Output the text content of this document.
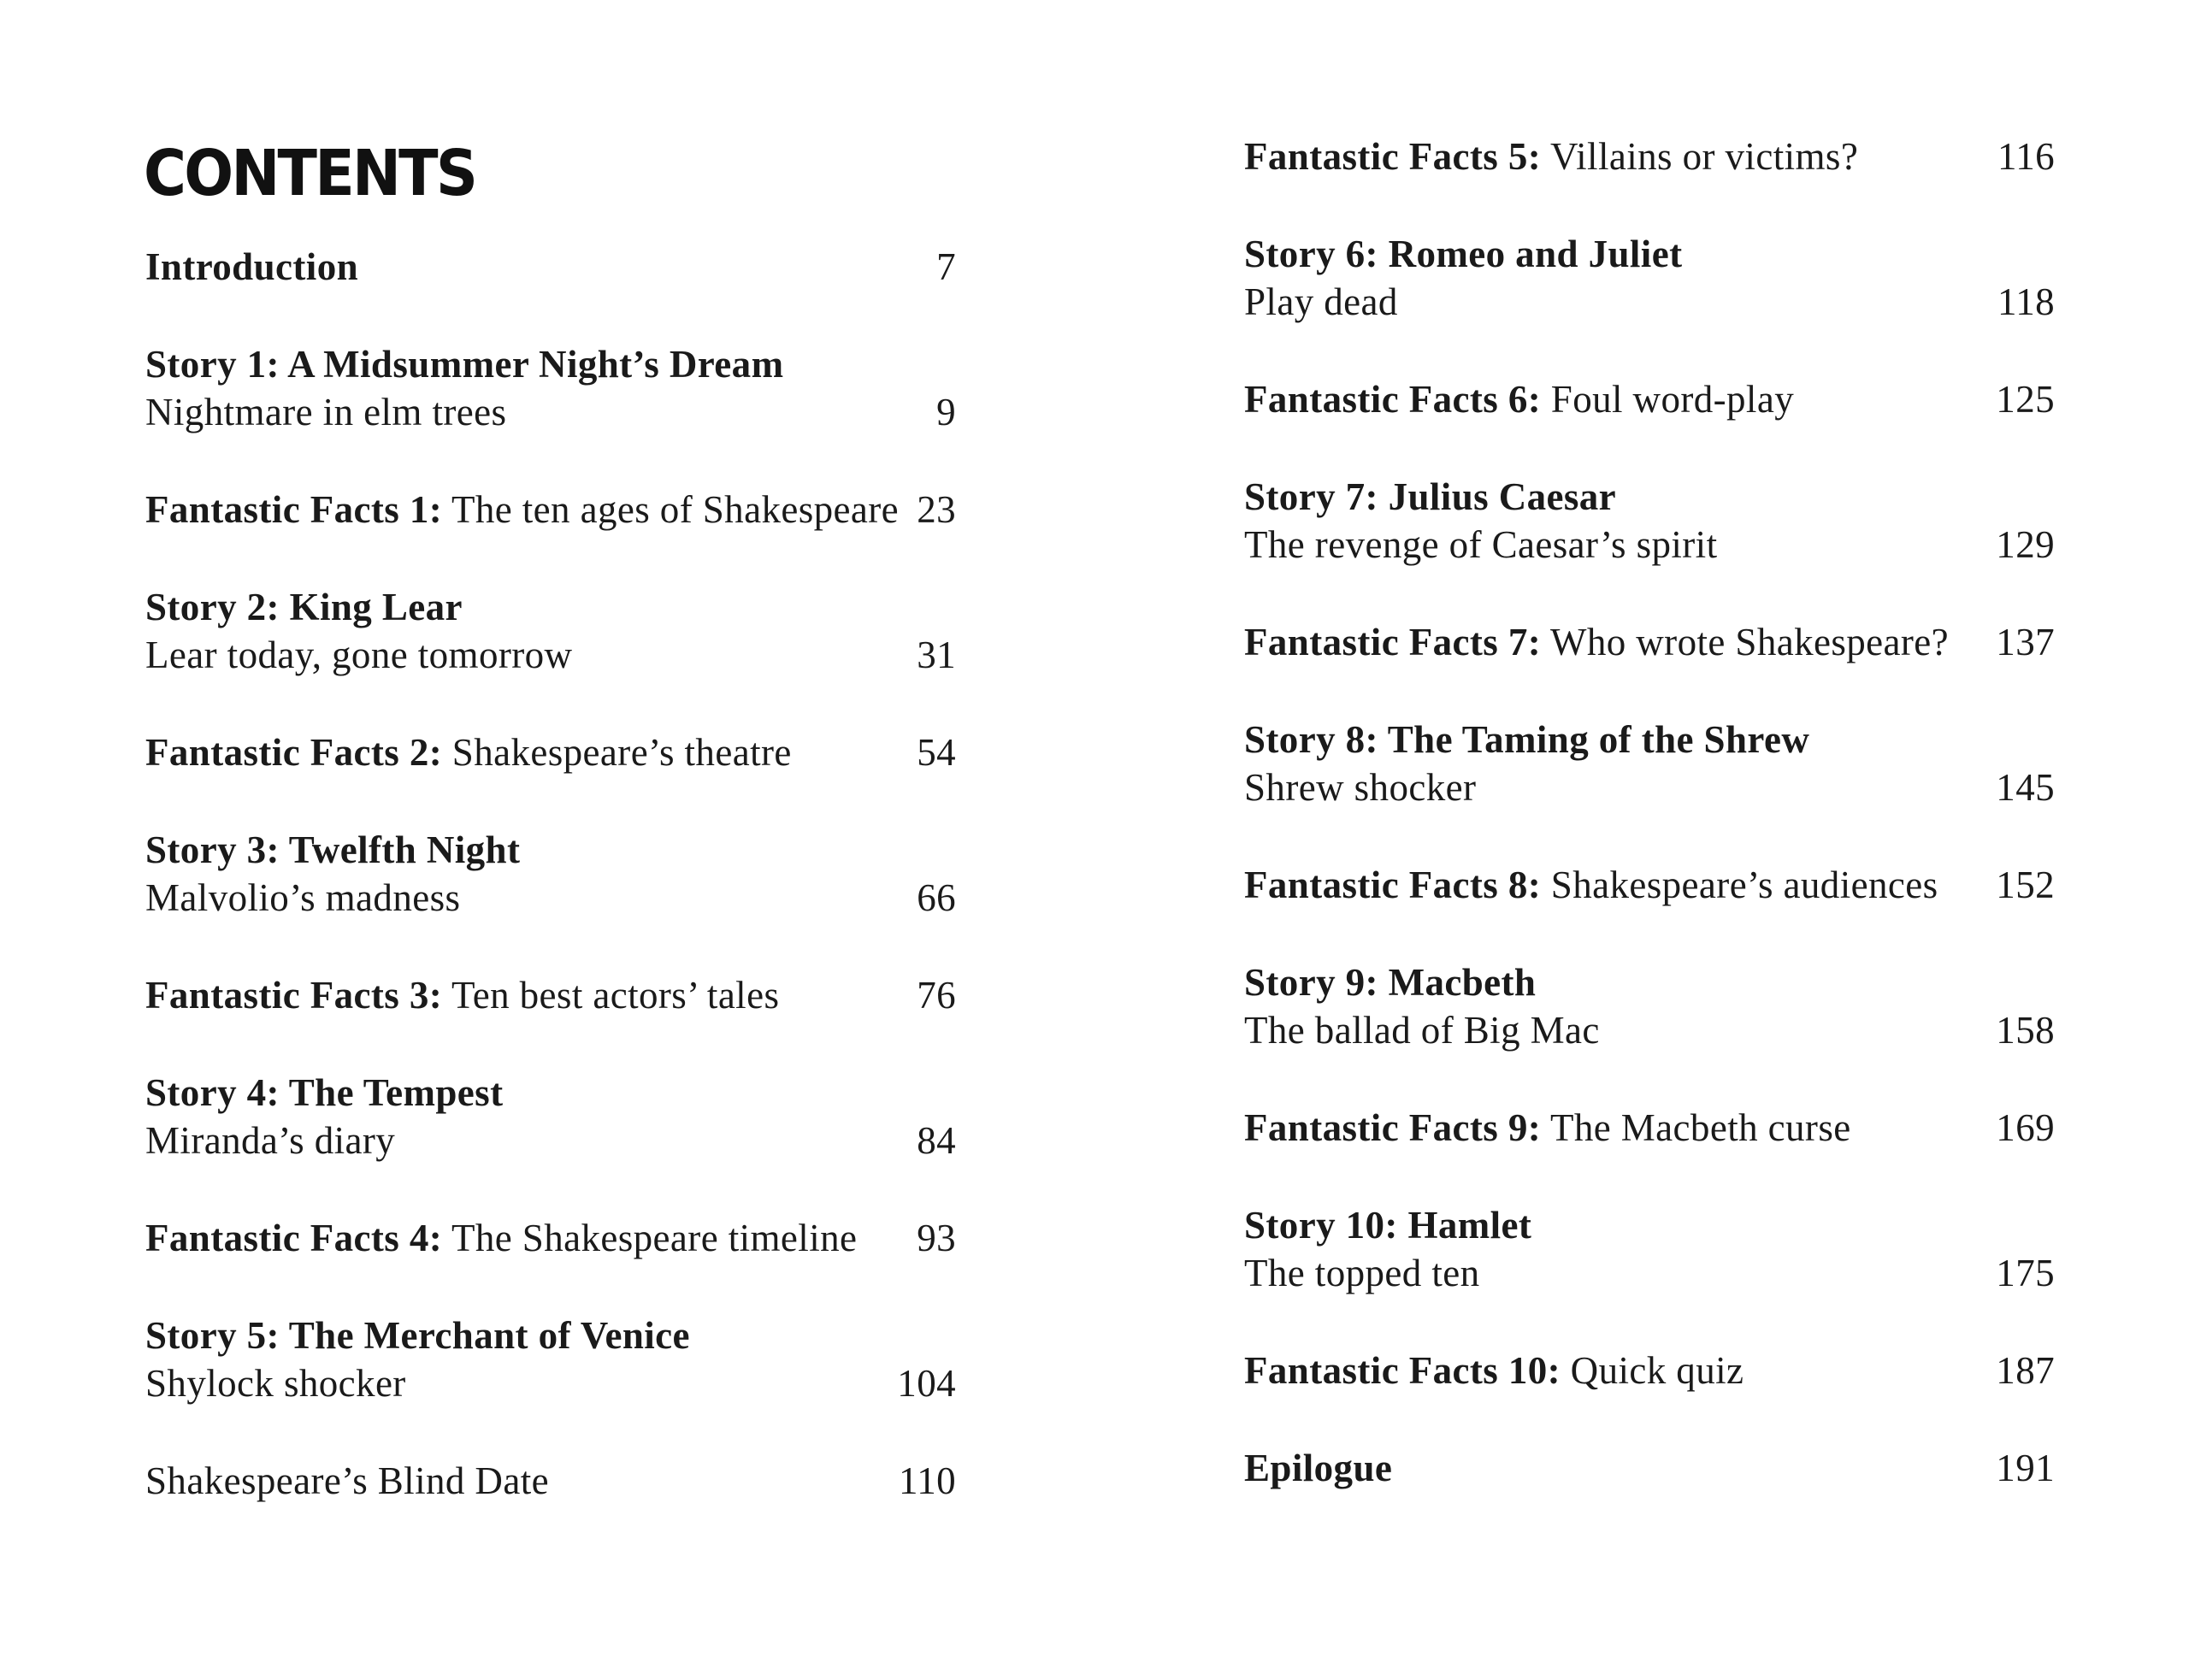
CONTENTS
Introduction	7
Story 1: A Midsummer Night’s Dream
Nightmare in elm trees	9
Fantastic Facts 1: The ten ages of Shakespeare 23
Story 2: King Lear
Lear today, gone tomorrow	31
Fantastic Facts 2: Shakespeare’s theatre	54
Story 3: Twelfth Night
Malvolio’s madness	66
Fantastic Facts 3: Ten best actors’ tales	76
Story 4: The Tempest
Miranda’s diary	84
Fantastic Facts 4: The Shakespeare timeline 93
Story 5: The Merchant of Venice
Shylock shocker	104
Shakespeare’s Blind Date	110
Fantastic Facts 5: Villains or victims?	116
Story 6: Romeo and Juliet
Play dead	118
Fantastic Facts 6: Foul word-play	125
Story 7: Julius Caesar
The revenge of Caesar’s spirit	129
Fantastic Facts 7: Who wrote Shakespeare? 137
Story 8: The Taming of the Shrew
Shrew shocker	145
Fantastic Facts 8: Shakespeare’s audiences 152
Story 9: Macbeth
The ballad of Big Mac	158
Fantastic Facts 9: The Macbeth curse	169
Story 10: Hamlet
The topped ten	175
Fantastic Facts 10: Quick quiz	187
Epilogue	191
